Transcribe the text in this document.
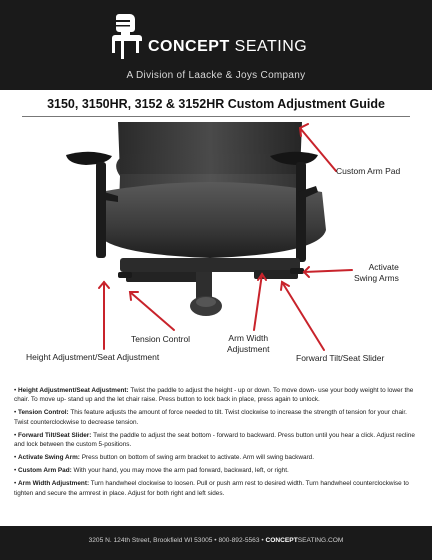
CONCEPT SEATING
A Division of Laacke & Joys Company
3150, 3150HR, 3152 & 3152HR Custom Adjustment Guide
Custom Arm Pad
Activate
Swing Arms
Tension Control	Arm Width
Adjustment
Height Adjustment/Seat Adjustment	Forward Tilt/Seat Slider

• Height Adjustment/Seat Adjustment: Twist the paddle to adjust the height - up or down. To move down- use your body weight to lower the chair. To move up- stand up and the let chair raise. Press button to lock back in place, press again to unlock.

• Tension Control: This feature adjusts the amount of force needed to tilt. Twist clockwise to increase the strength of tension for your chair. Twist counterclockwise to decrease tension.

• Forward Tilt/Seat Slider: Twist the paddle to adjust the seat bottom - forward to backward. Press button until you hear a click. Adjust recline and lock between the custom 5-positions.

• Activate Swing Arm: Press button on bottom of swing arm bracket to activate. Arm will swing backward.

• Custom Arm Pad: With your hand, you may move the arm pad forward, backward, left, or right.

• Arm Width Adjustment: Turn handwheel clockwise to loosen. Pull or push arm rest to desired width. Turn handwheel counterclockwise to tighten and secure the armrest in place. Adjust for both right and left sides.

3205 N. 124th Street, Brookfield WI 53005 • 800-892-5563 • CONCEPTSEATING.COM
